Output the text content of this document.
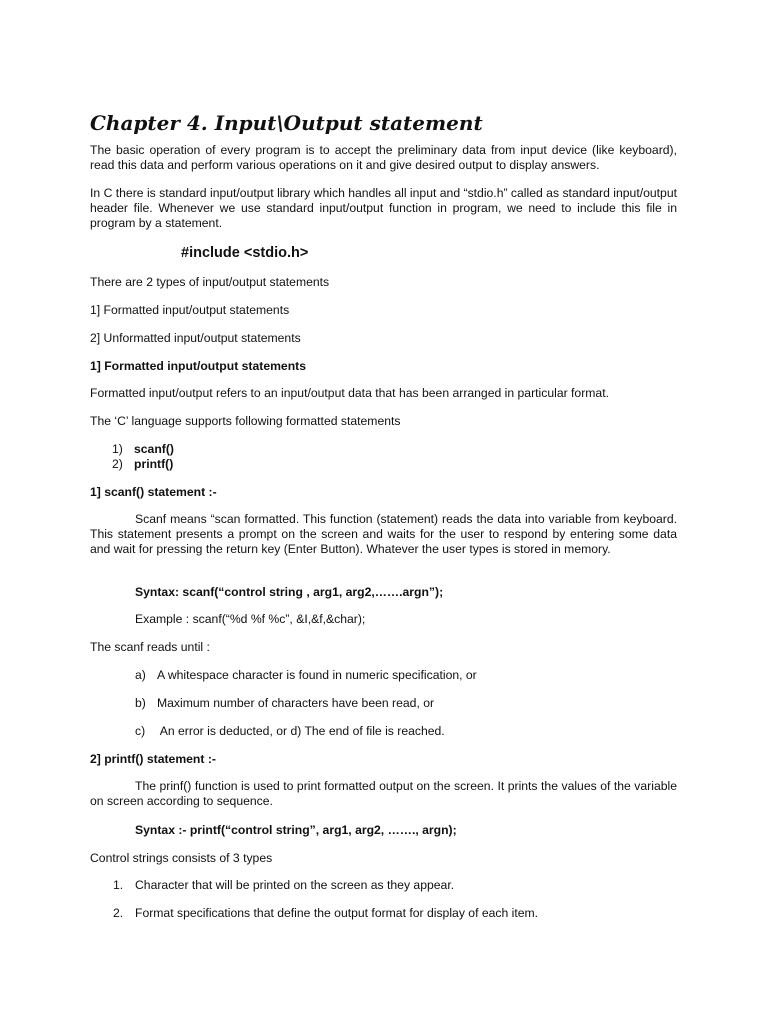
Chapter 4. Input\Output statement

The basic operation of every program is to accept the preliminary data from input device (like keyboard), read this data and perform various operations on it and give desired output to display answers.

In C there is standard input/output library which handles all input and “stdio.h” called as standard input/output header file. Whenever we use standard input/output function in program, we need to include this file in program by a statement.

#include <stdio.h>

There are 2 types of input/output statements

1] Formatted input/output statements

2] Unformatted input/output statements

1] Formatted input/output statements

Formatted input/output refers to an input/output data that has been arranged in particular format.

The ‘C’ language supports following formatted statements

1) scanf()
2) printf()

1] scanf() statement :-

Scanf means “scan formatted. This function (statement) reads the data into variable from keyboard. This statement presents a prompt on the screen and waits for the user to respond by entering some data and wait for pressing the return key (Enter Button). Whatever the user types is stored in memory.

Syntax: scanf(“control string , arg1, arg2,…….argn”);
Example : scanf(“%d %f %c”, &I,&f,&char);

The scanf reads until :

a) A whitespace character is found in numeric specification, or
b) Maximum number of characters have been read, or
c) An error is deducted, or d) The end of file is reached.

2] printf() statement :-

The prinf() function is used to print formatted output on the screen. It prints the values of the variable on screen according to sequence.

Syntax :- printf(“control string”, arg1, arg2, ……., argn);

Control strings consists of 3 types

1. Character that will be printed on the screen as they appear.
2. Format specifications that define the output format for display of each item.
